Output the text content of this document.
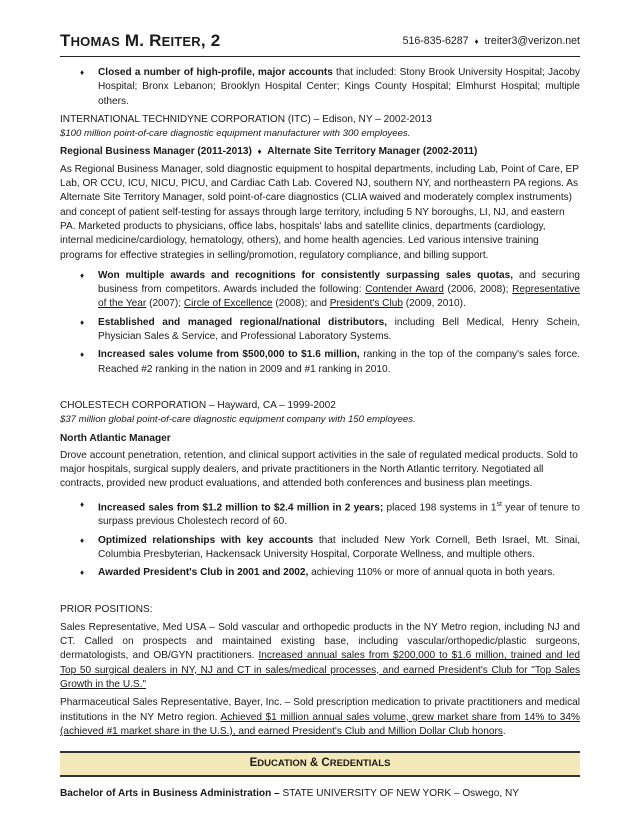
THOMAS M. REITER, 2	516-835-6287 ♦ treiter3@verizon.net
♦ Closed a number of high-profile, major accounts that included: Stony Brook University Hospital; Jacoby Hospital; Bronx Lebanon; Brooklyn Hospital Center; Kings County Hospital; Elmhurst Hospital; multiple others.

INTERNATIONAL TECHNIDYNE CORPORATION (ITC) – Edison, NY – 2002-2013

$100 million point-of-care diagnostic equipment manufacturer with 300 employees.

Regional Business Manager (2011-2013) ♦ Alternate Site Territory Manager (2002-2011)

As Regional Business Manager, sold diagnostic equipment to hospital departments, including Lab, Point of Care, EP Lab, OR CCU, ICU, NICU, PICU, and Cardiac Cath Lab. Covered NJ, southern NY, and northeastern PA regions. As Alternate Site Territory Manager, sold point-of-care diagnostics (CLIA waived and moderately complex instruments) and concept of patient self-testing for assays through large territory, including 5 NY boroughs, LI, NJ, and eastern PA. Marketed products to physicians, office labs, hospitals' labs and satellite clinics, departments (cardiology, internal medicine/cardiology, hematology, others), and home health agencies. Led various intensive training programs for effective strategies in selling/promotion, regulatory compliance, and billing support.

♦ Won multiple awards and recognitions for consistently surpassing sales quotas, and securing business from competitors. Awards included the following: Contender Award (2006, 2008); Representative of the Year (2007); Circle of Excellence (2008); and President's Club (2009, 2010).
♦ Established and managed regional/national distributors, including Bell Medical, Henry Schein, Physician Sales & Service, and Professional Laboratory Systems.
♦ Increased sales volume from $500,000 to $1.6 million, ranking in the top of the company's sales force. Reached #2 ranking in the nation in 2009 and #1 ranking in 2010.

CHOLESTECH CORPORATION – Hayward, CA – 1999-2002

$37 million global point-of-care diagnostic equipment company with 150 employees.

North Atlantic Manager

Drove account penetration, retention, and clinical support activities in the sale of regulated medical products. Sold to major hospitals, surgical supply dealers, and private practitioners in the North Atlantic territory. Negotiated all contracts, provided new product evaluations, and attended both conferences and business plan meetings.

♦ Increased sales from $1.2 million to $2.4 million in 2 years; placed 198 systems in 1st year of tenure to surpass previous Cholestech record of 60.
♦ Optimized relationships with key accounts that included New York Cornell, Beth Israel, Mt. Sinai, Columbia Presbyterian, Hackensack University Hospital, Corporate Wellness, and multiple others.
♦ Awarded President's Club in 2001 and 2002, achieving 110% or more of annual quota in both years.

PRIOR POSITIONS:

Sales Representative, Med USA – Sold vascular and orthopedic products in the NY Metro region, including NJ and CT. Called on prospects and maintained existing base, including vascular/orthopedic/plastic surgeons, dermatologists, and OB/GYN practitioners. Increased annual sales from $200,000 to $1.6 million, trained and led Top 50 surgical dealers in NY, NJ and CT in sales/medical processes, and earned President's Club for "Top Sales Growth in the U.S."

Pharmaceutical Sales Representative, Bayer, Inc. – Sold prescription medication to private practitioners and medical institutions in the NY Metro region. Achieved $1 million annual sales volume, grew market share from 14% to 34% (achieved #1 market share in the U.S.), and earned President's Club and Million Dollar Club honors.

EDUCATION & CREDENTIALS

Bachelor of Arts in Business Administration – STATE UNIVERSITY OF NEW YORK – Oswego, NY
